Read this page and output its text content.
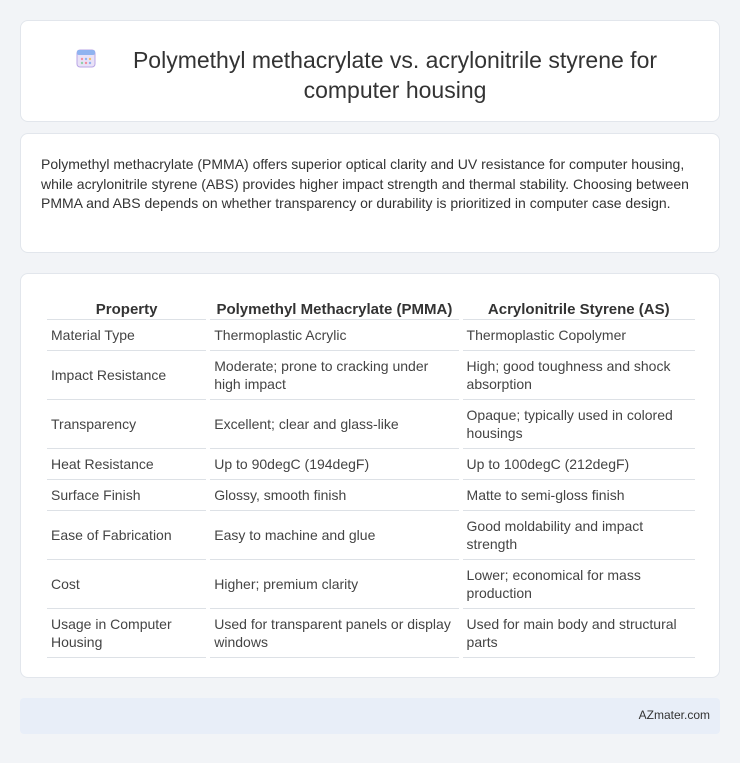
Polymethyl methacrylate vs. acrylonitrile styrene for computer housing

Polymethyl methacrylate (PMMA) offers superior optical clarity and UV resistance for computer housing, while acrylonitrile styrene (ABS) provides higher impact strength and thermal stability. Choosing between PMMA and ABS depends on whether transparency or durability is prioritized in computer case design.

Property	Polymethyl Methacrylate (PMMA)	Acrylonitrile Styrene (AS)
Material Type	Thermoplastic Acrylic	Thermoplastic Copolymer
Impact Resistance	Moderate; prone to cracking under high impact	High; good toughness and shock absorption
Transparency	Excellent; clear and glass-like	Opaque; typically used in colored housings
Heat Resistance	Up to 90degC (194degF)	Up to 100degC (212degF)
Surface Finish	Glossy, smooth finish	Matte to semi-gloss finish
Ease of Fabrication	Easy to machine and glue	Good moldability and impact strength
Cost	Higher; premium clarity	Lower; economical for mass production
Usage in Computer Housing	Used for transparent panels or display windows	Used for main body and structural parts
AZmater.com
